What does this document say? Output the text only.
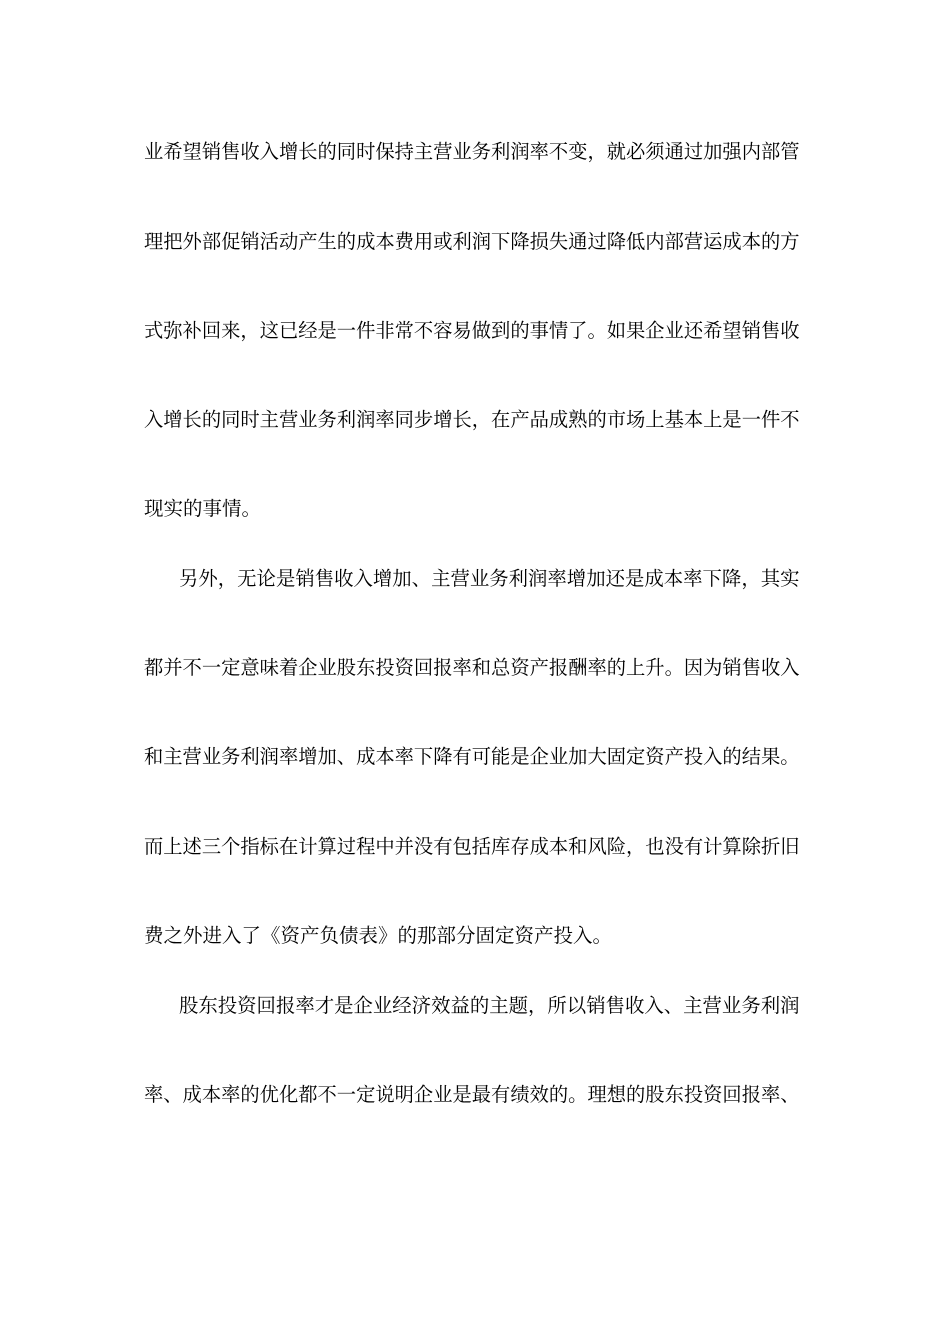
业希望销售收入增长的同时保持主营业务利润率不变，就必须通过加强内部管
理把外部促销活动产生的成本费用或利润下降损失通过降低内部营运成本的方
式弥补回来，这已经是一件非常不容易做到的事情了。如果企业还希望销售收
入增长的同时主营业务利润率同步增长，在产品成熟的市场上基本上是一件不
现实的事情。
另外，无论是销售收入增加、主营业务利润率增加还是成本率下降，其实
都并不一定意味着企业股东投资回报率和总资产报酬率的上升。因为销售收入
和主营业务利润率增加、成本率下降有可能是企业加大固定资产投入的结果。
而上述三个指标在计算过程中并没有包括库存成本和风险，也没有计算除折旧
费之外进入了《资产负债表》的那部分固定资产投入。
股东投资回报率才是企业经济效益的主题，所以销售收入、主营业务利润
率、成本率的优化都不一定说明企业是最有绩效的。理想的股东投资回报率、
